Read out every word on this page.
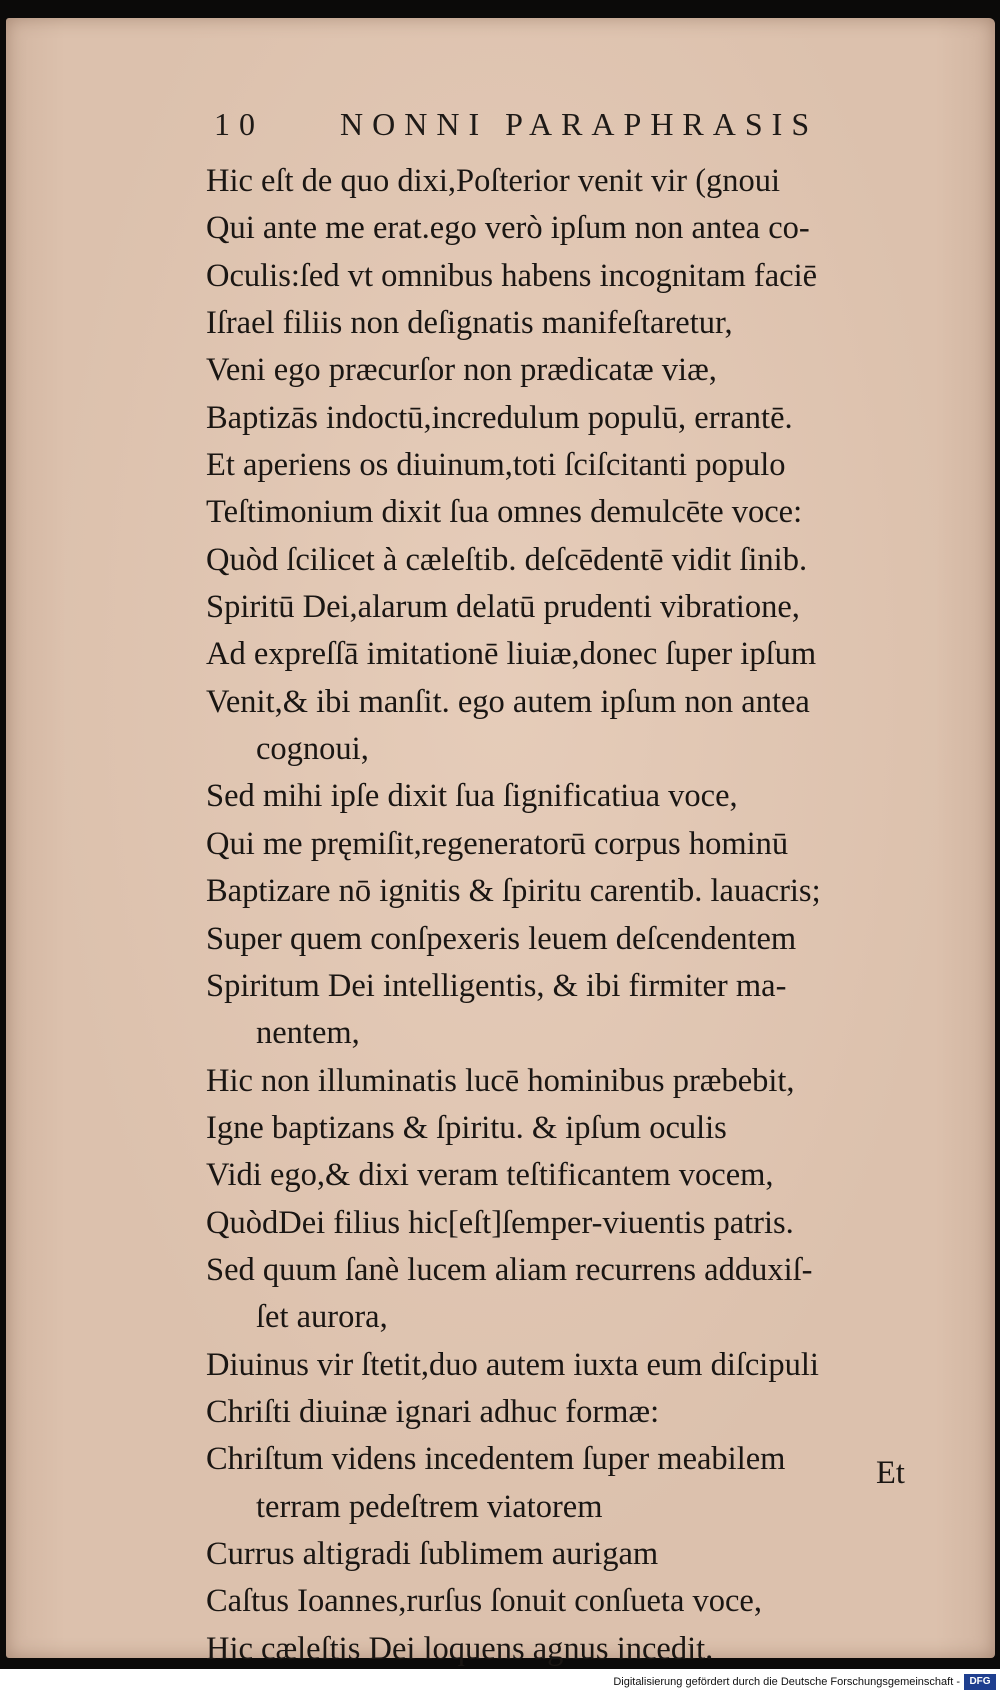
10 NONNI PARAPHRASIS
Hic eſt de quo dixi,Poſterior venit vir (gnoui
Qui ante me erat.ego verò ipſum non antea co-
Oculis:ſed vt omnibus habens incognitam faciē
Iſrael filiis non deſignatis manifeſtaretur,
Veni ego præcurſor non prædicatæ viæ,
Baptizās indoctū,incredulum populū, errantē.
Et aperiens os diuinum,toti ſciſcitanti populo
Teſtimonium dixit ſua omnes demulcēte voce:
Quòd ſcilicet à cæleſtib. deſcēdentē vidit ſinib.
Spiritū Dei,alarum delatū prudenti vibratione,
Ad expreſſā imitationē liuiæ,donec ſuper ipſum
Venit,& ibi manſit. ego autem ipſum non antea
cognoui,
Sed mihi ipſe dixit ſua ſignificatiua voce,
Qui me pręmiſit,regeneratorū corpus hominū
Baptizare nō ignitis & ſpiritu carentib. lauacris;
Super quem conſpexeris leuem deſcendentem
Spiritum Dei intelligentis, & ibi firmiter ma-
nentem,
Hic non illuminatis lucē hominibus præbebit,
Igne baptizans & ſpiritu. & ipſum oculis
Vidi ego,& dixi veram teſtificantem vocem,
QuòdDei filius hic[eſt]ſemper-viuentis patris.
Sed quum ſanè lucem aliam recurrens adduxiſ-
ſet aurora,
Diuinus vir ſtetit,duo autem iuxta eum diſcipuli
Chriſti diuinæ ignari adhuc formæ:
Chriſtum videns incedentem ſuper meabilem
terram pedeſtrem viatorem
Currus altigradi ſublimem aurigam
Caſtus Ioannes,rurſus ſonuit conſueta voce,
Hic cæleſtis Dei loquens agnus incedit.
Et
Digitalisierung gefördert durch die Deutsche Forschungsgemeinschaft - DFG
